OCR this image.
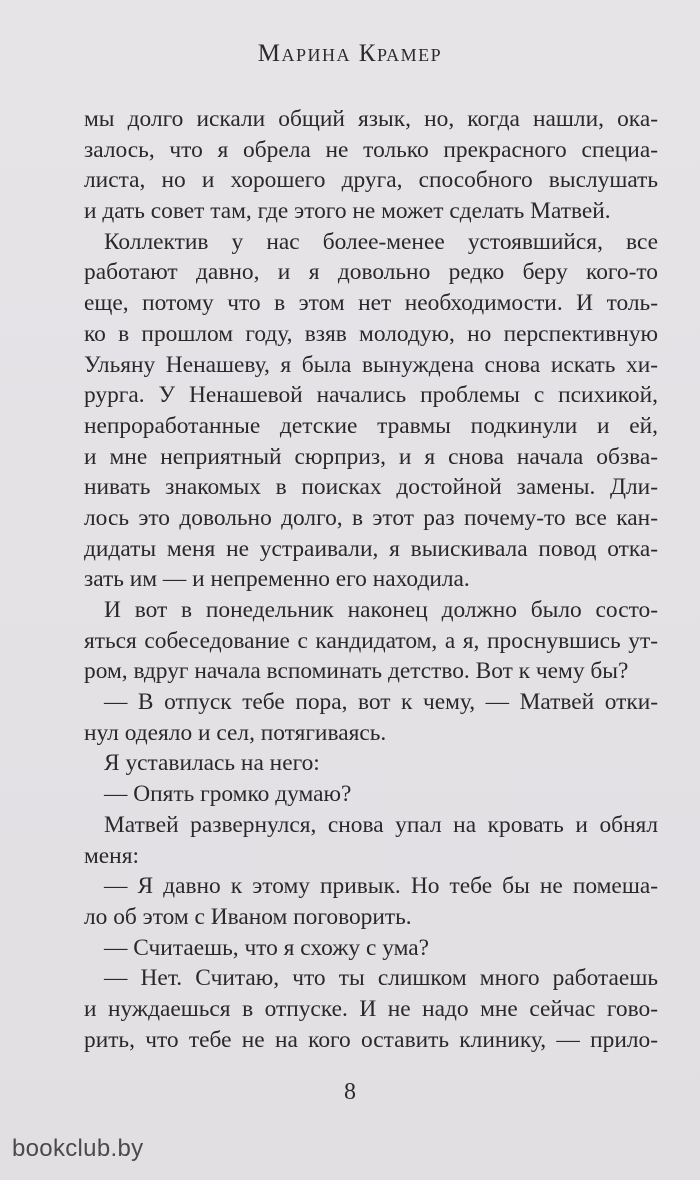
Марина Крамер
мы долго искали общий язык, но, когда нашли, ока-
залось, что я обрела не только прекрасного специа-
листа, но и хорошего друга, способного выслушать
и дать совет там, где этого не может сделать Матвей.
Коллектив у нас более-менее устоявшийся, все
работают давно, и я довольно редко беру кого-то
еще, потому что в этом нет необходимости. И толь-
ко в прошлом году, взяв молодую, но перспективную
Ульяну Ненашеву, я была вынуждена снова искать хи-
рурга. У Ненашевой начались проблемы с психикой,
непроработанные детские травмы подкинули и ей,
и мне неприятный сюрприз, и я снова начала обзва-
нивать знакомых в поисках достойной замены. Дли-
лось это довольно долго, в этот раз почему-то все кан-
дидаты меня не устраивали, я выискивала повод отка-
зать им — и непременно его находила.
И вот в понедельник наконец должно было состо-
яться собеседование с кандидатом, а я, проснувшись ут-
ром, вдруг начала вспоминать детство. Вот к чему бы?
— В отпуск тебе пора, вот к чему, — Матвей отки-
нул одеяло и сел, потягиваясь.
Я уставилась на него:
— Опять громко думаю?
Матвей развернулся, снова упал на кровать и обнял
меня:
— Я давно к этому привык. Но тебе бы не помеша-
ло об этом с Иваном поговорить.
— Считаешь, что я схожу с ума?
— Нет. Считаю, что ты слишком много работаешь
и нуждаешься в отпуске. И не надо мне сейчас гово-
рить, что тебе не на кого оставить клинику, — прило-
8
bookclub.by
